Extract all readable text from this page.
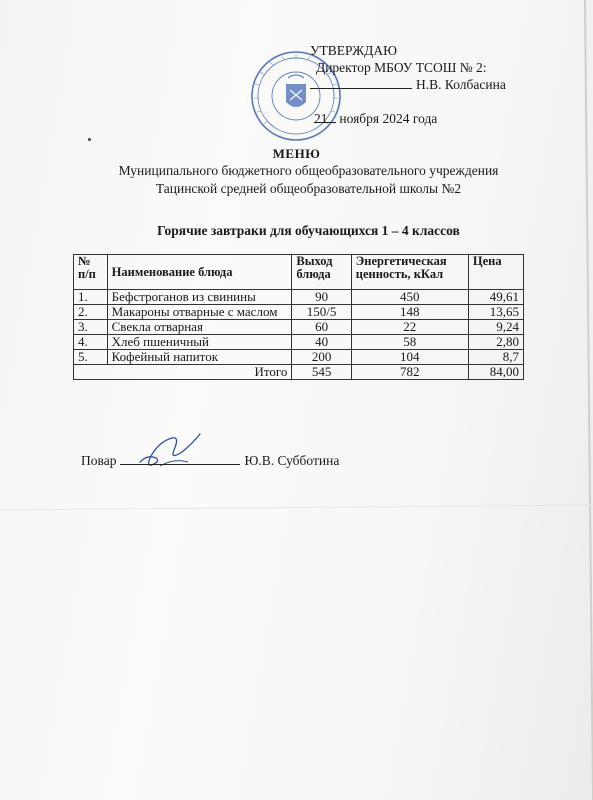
УТВЕРЖДАЮ
Директор МБОУ ТСОШ № 2:
Н.В. Колбасина
21 ноября 2024 года
МЕНЮ
Муниципального бюджетного общеобразовательного учреждения
Тацинской средней общеобразовательной школы №2
Горячие завтраки для обучающихся 1 – 4 классов
№ п/п	Наименование блюда	Выход блюда	Энергетическая ценность, кКал	Цена
1.	Бефстроганов из свинины	90	450	49,61
2.	Макароны отварные с маслом	150/5	148	13,65
3.	Свекла отварная	60	22	9,24
4.	Хлеб пшеничный	40	58	2,80
5.	Кофейный напиток	200	104	8,7
Итого		545	782	84,00
Повар	Ю.В. Субботина
